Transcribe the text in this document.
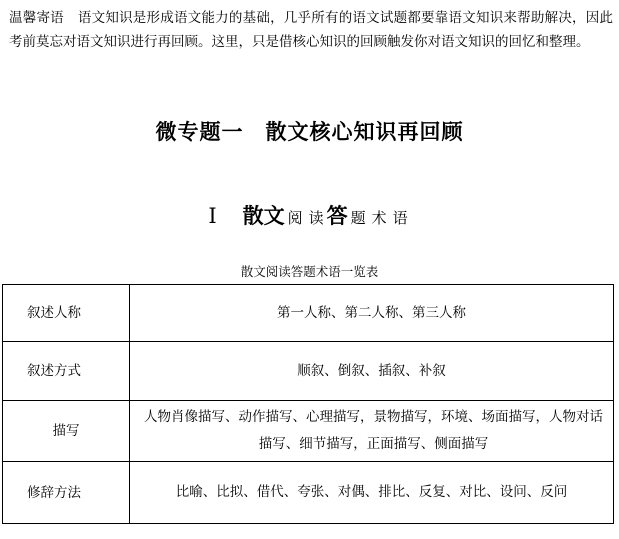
温馨寄语 语文知识是形成语文能力的基础，几乎所有的语文试题都要靠语文知识来帮助解决，因此考前莫忘对语文知识进行再回顾。这里，只是借核心知识的回顾触发你对语文知识的回忆和整理。

微专题一 散文核心知识再回顾
Ⅰ 散文 阅 读 答 题 术 语

散文阅读答题术语一览表

叙述人称	第一人称、第二人称、第三人称
叙述方式	顺叙、倒叙、插叙、补叙
描写	人物肖像描写、动作描写、心理描写，景物描写，环境、场面描写，人物对话描写、细节描写，正面描写、侧面描写
修辞方法	比喻、比拟、借代、夸张、对偶、排比、反复、对比、设问、反问
